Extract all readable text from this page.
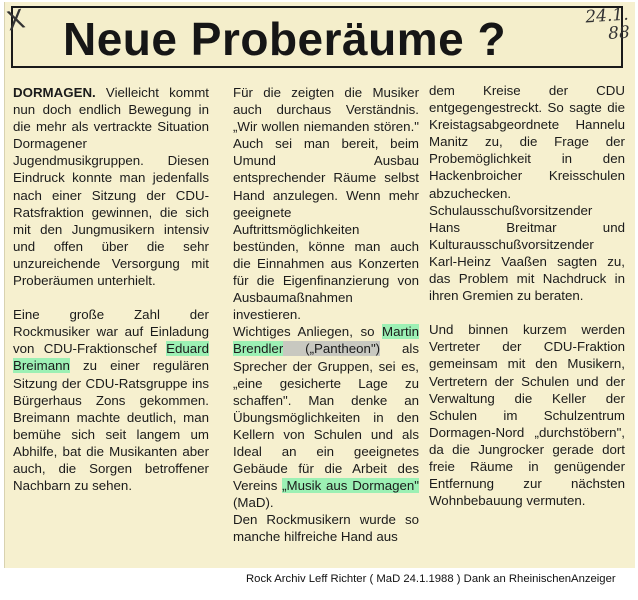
Neue Proberäume ?
X	24.1.
88

DORMAGEN. Vielleicht kommt nun doch endlich Bewegung in die mehr als vertrackte Situation Dormagener Jugendmusikgruppen. Diesen Eindruck konnte man jedenfalls nach einer Sitzung der CDU-Ratsfraktion gewinnen, die sich mit den Jungmusikern intensiv und offen über die sehr unzureichende Versorgung mit Proberäumen unterhielt.

Eine große Zahl der Rockmusiker war auf Einladung von CDU-Fraktionschef Eduard Breimann zu einer regulären Sitzung der CDU-Ratsgruppe ins Bürgerhaus Zons gekommen. Breimann machte deutlich, man bemühe sich seit langem um Abhilfe, bat die Musikanten aber auch, die Sorgen betroffener Nachbarn zu sehen.

Für die zeigten die Musiker auch durchaus Verständnis. „Wir wollen niemanden stören." Auch sei man bereit, beim Umund Ausbau entsprechender Räume selbst Hand anzulegen. Wenn mehr geeignete Auftrittsmöglichkeiten bestünden, könne man auch die Einnahmen aus Konzerten für die Eigenfinanzierung von Ausbaumaßnahmen investieren.

Wichtiges Anliegen, so Martin Brendler („Pantheon") als Sprecher der Gruppen, sei es, „eine gesicherte Lage zu schaffen". Man denke an Übungsmöglichkeiten in den Kellern von Schulen und als Ideal an ein geeignetes Gebäude für die Arbeit des Vereins „Musik aus Dormagen" (MaD).

Den Rockmusikern wurde so manche hilfreiche Hand aus

dem Kreise der CDU entgegengestreckt. So sagte die Kreistagsabgeordnete Hannelu Manitz zu, die Frage der Probemöglichkeit in den Hackenbroicher Kreisschulen abzuchecken. Schulausschußvorsitzender Hans Breitmar und Kulturausschußvorsitzender Karl-Heinz Vaaßen sagten zu, das Problem mit Nachdruck in ihren Gremien zu beraten.

Und binnen kurzem werden Vertreter der CDU-Fraktion gemeinsam mit den Musikern, Vertretern der Schulen und der Verwaltung die Keller der Schulen im Schulzentrum Dormagen-Nord „durchstöbern", da die Jungrocker gerade dort freie Räume in genügender Entfernung zur nächsten Wohnbebauung vermuten.

Rock Archiv Leff Richter ( MaD 24.1.1988 ) Dank an RheinischenAnzeiger
